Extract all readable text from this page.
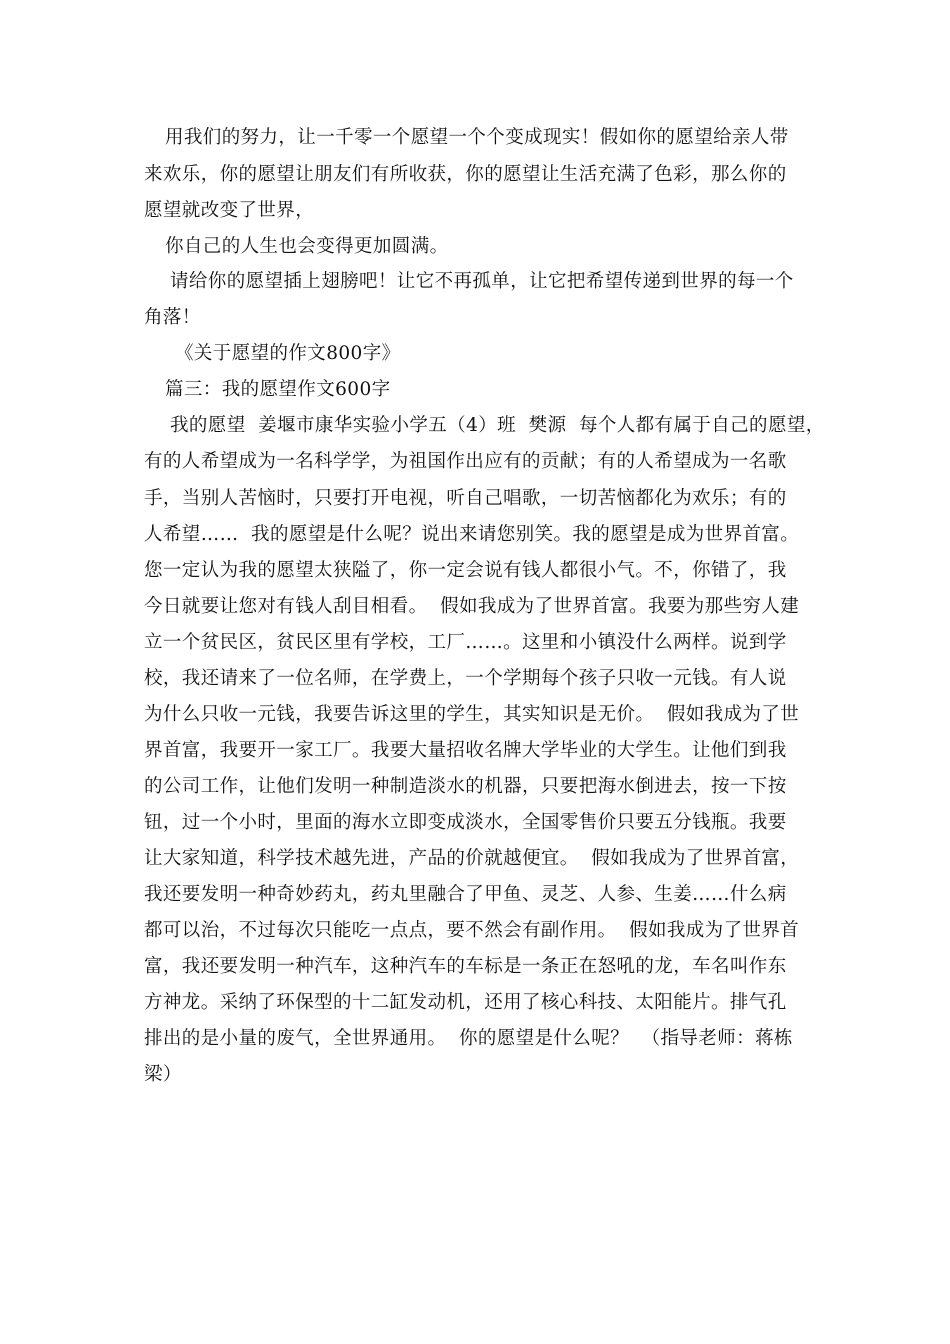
用我们的努力，让一千零一个愿望一个个变成现实！假如你的愿望给亲人带
来欢乐，你的愿望让朋友们有所收获，你的愿望让生活充满了色彩，那么你的
愿望就改变了世界，
你自己的人生也会变得更加圆满。
请给你的愿望插上翅膀吧！让它不再孤单，让它把希望传递到世界的每一个
角落！
《关于愿望的作文800字》
篇三：我的愿望作文600字
我的愿望  姜堰市康华实验小学五（4）班  樊源  每个人都有属于自己的愿望，
有的人希望成为一名科学学，为祖国作出应有的贡献；有的人希望成为一名歌
手，当别人苦恼时，只要打开电视，听自己唱歌，一切苦恼都化为欢乐；有的
人希望……  我的愿望是什么呢？说出来请您别笑。我的愿望是成为世界首富。
您一定认为我的愿望太狭隘了，你一定会说有钱人都很小气。不，你错了，我
今日就要让您对有钱人刮目相看。  假如我成为了世界首富。我要为那些穷人建
立一个贫民区，贫民区里有学校，工厂……。这里和小镇没什么两样。说到学
校，我还请来了一位名师，在学费上，一个学期每个孩子只收一元钱。有人说
为什么只收一元钱，我要告诉这里的学生，其实知识是无价。  假如我成为了世
界首富，我要开一家工厂。我要大量招收名牌大学毕业的大学生。让他们到我
的公司工作，让他们发明一种制造淡水的机器，只要把海水倒进去，按一下按
钮，过一个小时，里面的海水立即变成淡水，全国零售价只要五分钱瓶。我要
让大家知道，科学技术越先进，产品的价就越便宜。  假如我成为了世界首富，
我还要发明一种奇妙药丸，药丸里融合了甲鱼、灵芝、人参、生姜……什么病
都可以治，不过每次只能吃一点点，要不然会有副作用。  假如我成为了世界首
富，我还要发明一种汽车，这种汽车的车标是一条正在怒吼的龙，车名叫作东
方神龙。采纳了环保型的十二缸发动机，还用了核心科技、太阳能片。排气孔
排出的是小量的废气，全世界通用。  你的愿望是什么呢？  （指导老师：蒋栋
梁）
